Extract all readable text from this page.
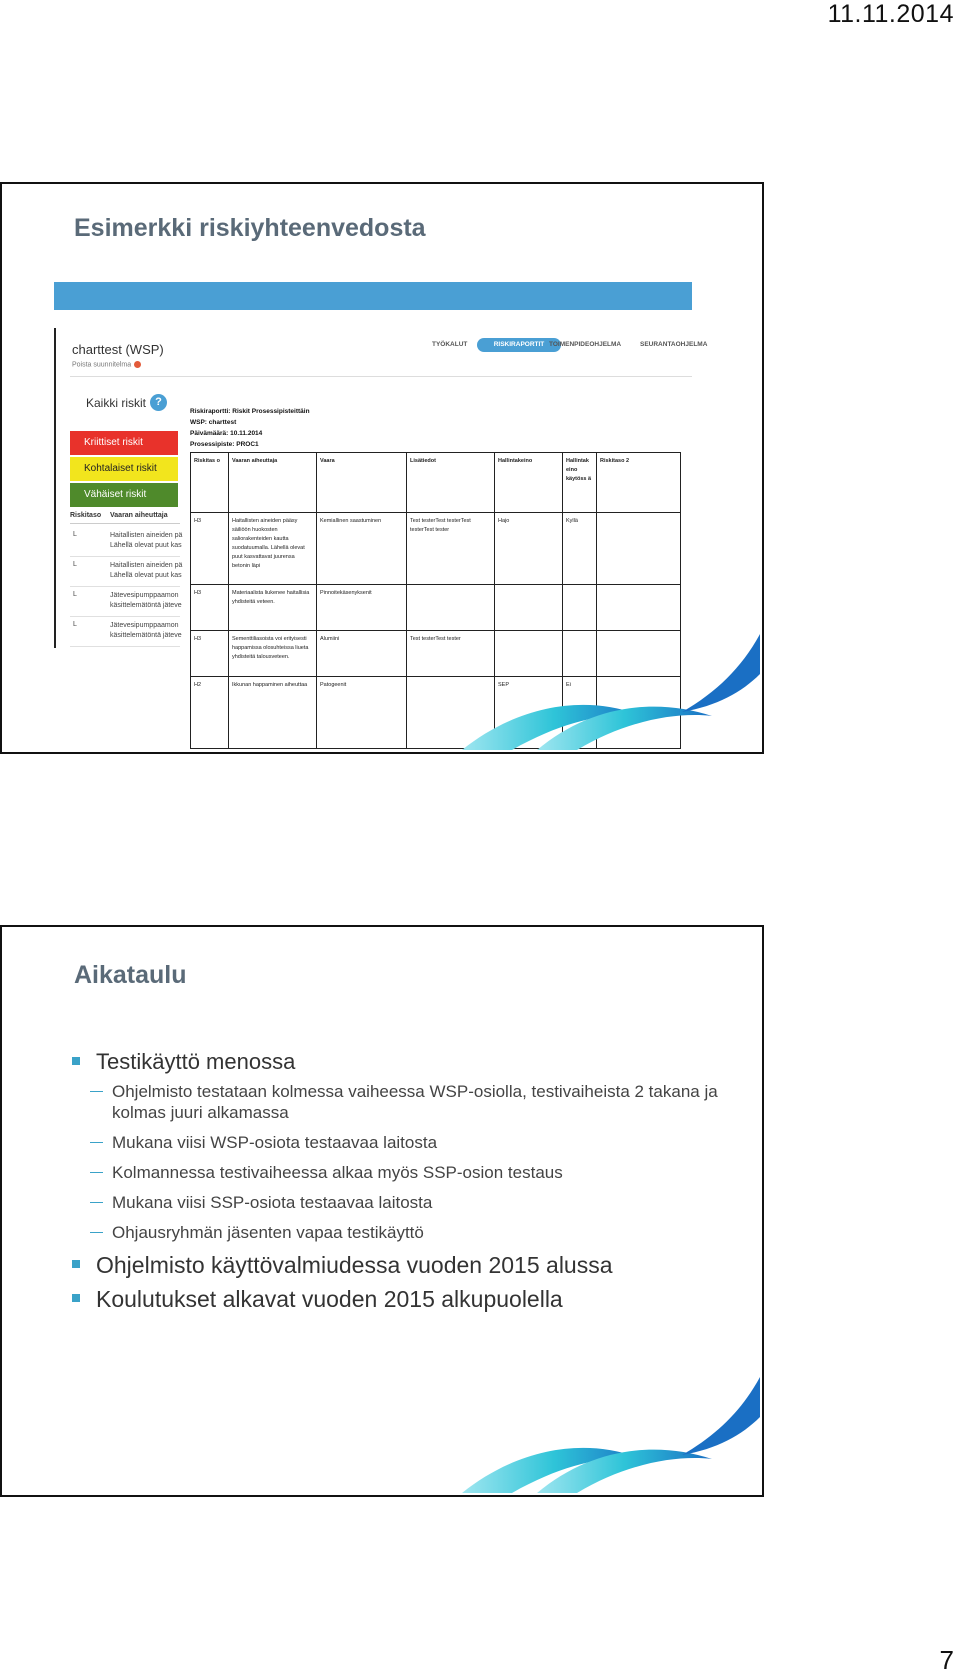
11.11.2014
Esimerkki riskiyhteenvedosta
charttest (WSP)
Poista suunnitelma
TYÖKALUT	RISKIRAPORTIT TOIMENPIDEOHJELMA	SEURANTAOHJELMA
Kaikki riskit ?
Kriittiset riskit
Kohtalaiset riskit
Vähäiset riskit
Riskitaso Vaaran aiheuttaja
L	Haitallisten aineiden pä
Lähellä olevat puut kas
L	Haitallisten aineiden pä
Lähellä olevat puut kas
L	Jätevesipumppaamon
käsittelemätöntä jäteve
L	Jätevesipumppaamon
käsittelemätöntä jäteve
Riskiraportti: Riskit Prosessipisteittäin
WSP: charttest
Päivämäärä: 10.11.2014
Prosessipiste: PROC1
Riskitas o	Vaaran aiheuttaja	Vaara	Lisätiedot	Hallintakeino	Hallintak eino käytöss ä	Riskitaso 2
H3	Haitallisten aineiden pääsy säiliöön huokosten saliorakenteiden kautta suodatuumalla. Lähellä olevat puut kasvattavat juurensa betonin läpi	Kemiallinen saastuminen	Test testerTest testerTest testerTest tester	Hajo	Kyllä	
H3	Materiaalista liukenee haitallisia yhdisteitä veteen.	Pinnoitekäsenyksenit				
H3	Sementtiliasoista voi erityisesti happamissa olosuhteissa liueta yhdisteitä talousveteen.	Alumiini	Test testerTest tester			
H2	Ikkunan happaminen aiheuttaa	Patogeenit		SEP	Ei	
Aikataulu
Testikäyttö menossa
Ohjelmisto testataan kolmessa vaiheessa WSP-osiolla, testivaiheista 2 takana ja kolmas juuri alkamassa
Mukana viisi WSP-osiota testaavaa laitosta
Kolmannessa testivaiheessa alkaa myös SSP-osion testaus
Mukana viisi SSP-osiota testaavaa laitosta
Ohjausryhmän jäsenten vapaa testikäyttö
Ohjelmisto käyttövalmiudessa vuoden 2015 alussa
Koulutukset alkavat vuoden 2015 alkupuolella
7
